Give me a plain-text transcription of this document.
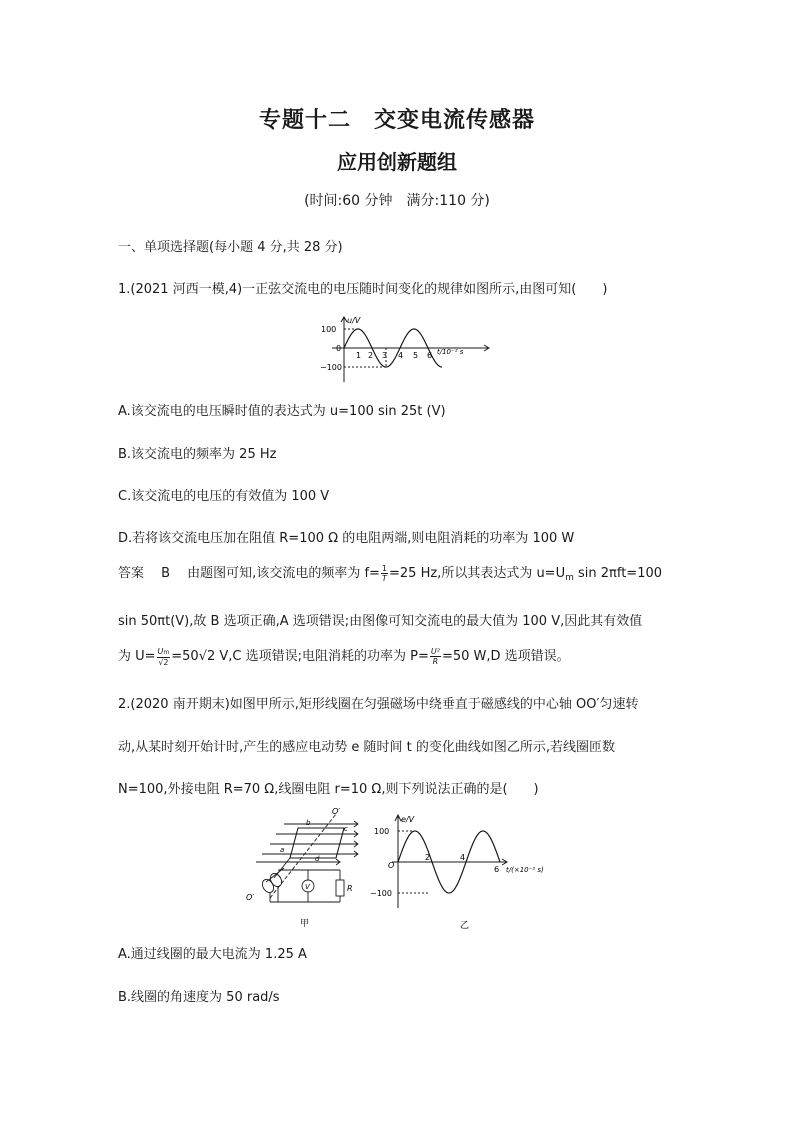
专题十二　交变电流传感器
应用创新题组
(时间:60 分钟　满分:110 分)
一、单项选择题(每小题 4 分,共 28 分)
1.(2021 河西一模,4)一正弦交流电的电压随时间变化的规律如图所示,由图可知(　　)
u/V
100
0
−100
1 2 3 4 5 6 t/10⁻² s
A.该交流电的电压瞬时值的表达式为 u=100 sin 25t (V)
B.该交流电的频率为 25 Hz
C.该交流电的电压的有效值为 100 V
D.若将该交流电压加在阻值 R=100 Ω 的电阻两端,则电阻消耗的功率为 100 W
答案　 B　 由题图可知,该交流电的频率为 $f= \frac{1}{T} =25$ Hz,所以其表达式为 $u=U_m$ sin 2πft=100
sin 50πt(V),故 B 选项正确,A 选项错误;由图像可知交流电的最大值为 100 V,因此其有效值
为 $U= \frac{Um}{√2} =50√2$ V,C 选项错误;电阻消耗的功率为 $P= \frac{\text{U²}}{R} =50$ W,D 选项错误。
2.(2020 南开期末)如图甲所示,矩形线圈在匀强磁场中绕垂直于磁感线的中心轴 OO′匀速转
动,从某时刻开始计时,产生的感应电动势 e 随时间 t 的变化曲线如图乙所示,若线圈匝数
N=100,外接电阻 R=70 Ω,线圈电阻 r=10 Ω,则下列说法正确的是(　　)
O′
b
c
a
d
O′
V	R
甲
e/V
100
O
−100
2	4
6 t/(×10⁻² s)
乙
A.通过线圈的最大电流为 1.25 A
B.线圈的角速度为 50 rad/s
